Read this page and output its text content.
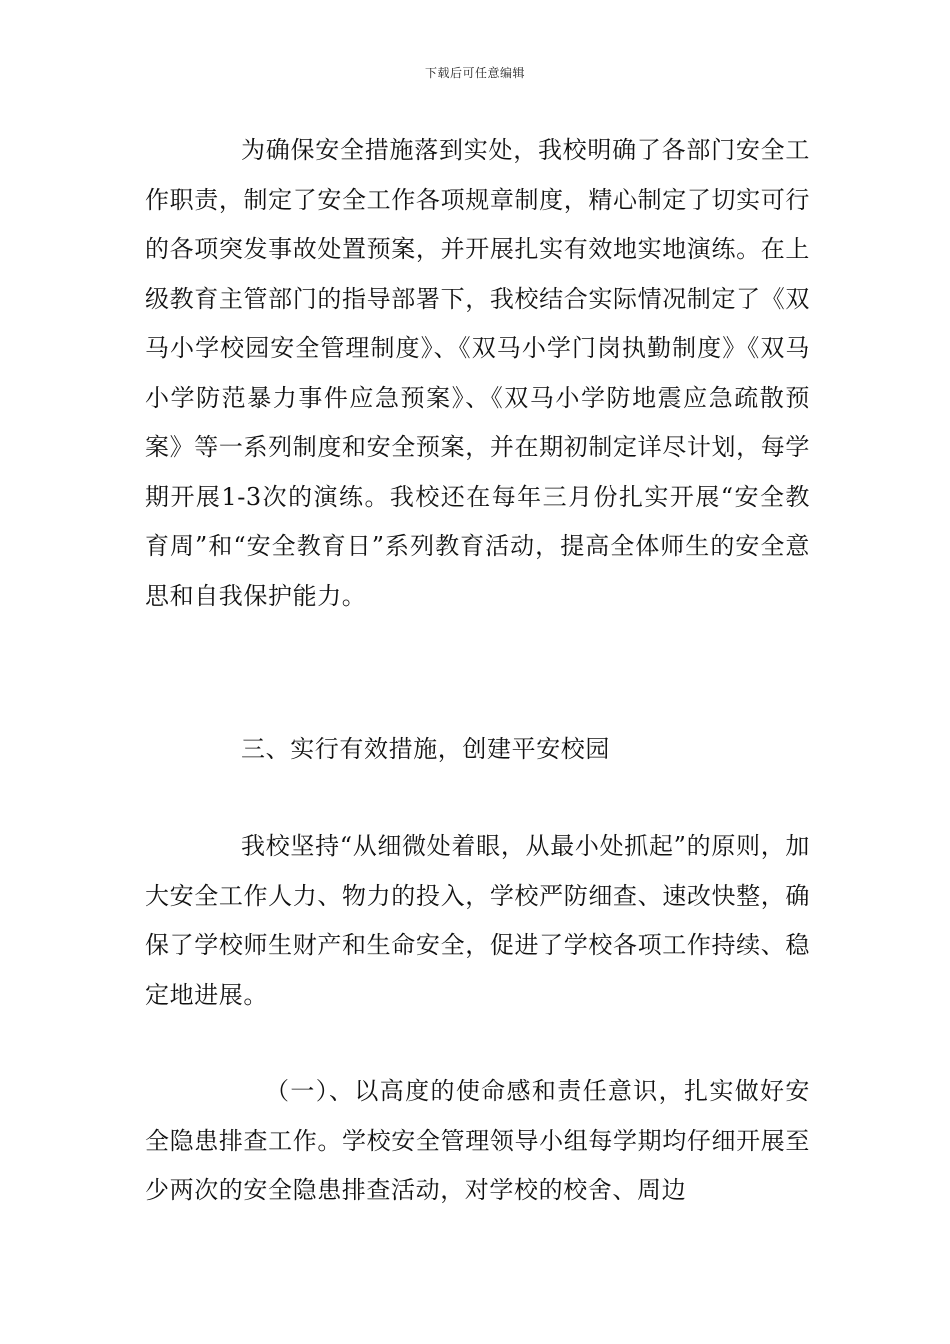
下载后可任意编辑
为确保安全措施落到实处，我校明确了各部门安全工作职责，制定了安全工作各项规章制度，精心制定了切实可行的各项突发事故处置预案，并开展扎实有效地实地演练。在上级教育主管部门的指导部署下，我校结合实际情况制定了《双马小学校园安全管理制度》、《双马小学门岗执勤制度》《双马小学防范暴力事件应急预案》、《双马小学防地震应急疏散预案》等一系列制度和安全预案，并在期初制定详尽计划，每学期开展1-3次的演练。我校还在每年三月份扎实开展“安全教育周”和“安全教育日”系列教育活动，提高全体师生的安全意思和自我保护能力。
三、实行有效措施，创建平安校园
我校坚持“从细微处着眼，从最小处抓起”的原则，加大安全工作人力、物力的投入，学校严防细查、速改快整，确保了学校师生财产和生命安全，促进了学校各项工作持续、稳定地进展。
（一）、以高度的使命感和责任意识，扎实做好安全隐患排查工作。学校安全管理领导小组每学期均仔细开展至少两次的安全隐患排查活动，对学校的校舍、周边
